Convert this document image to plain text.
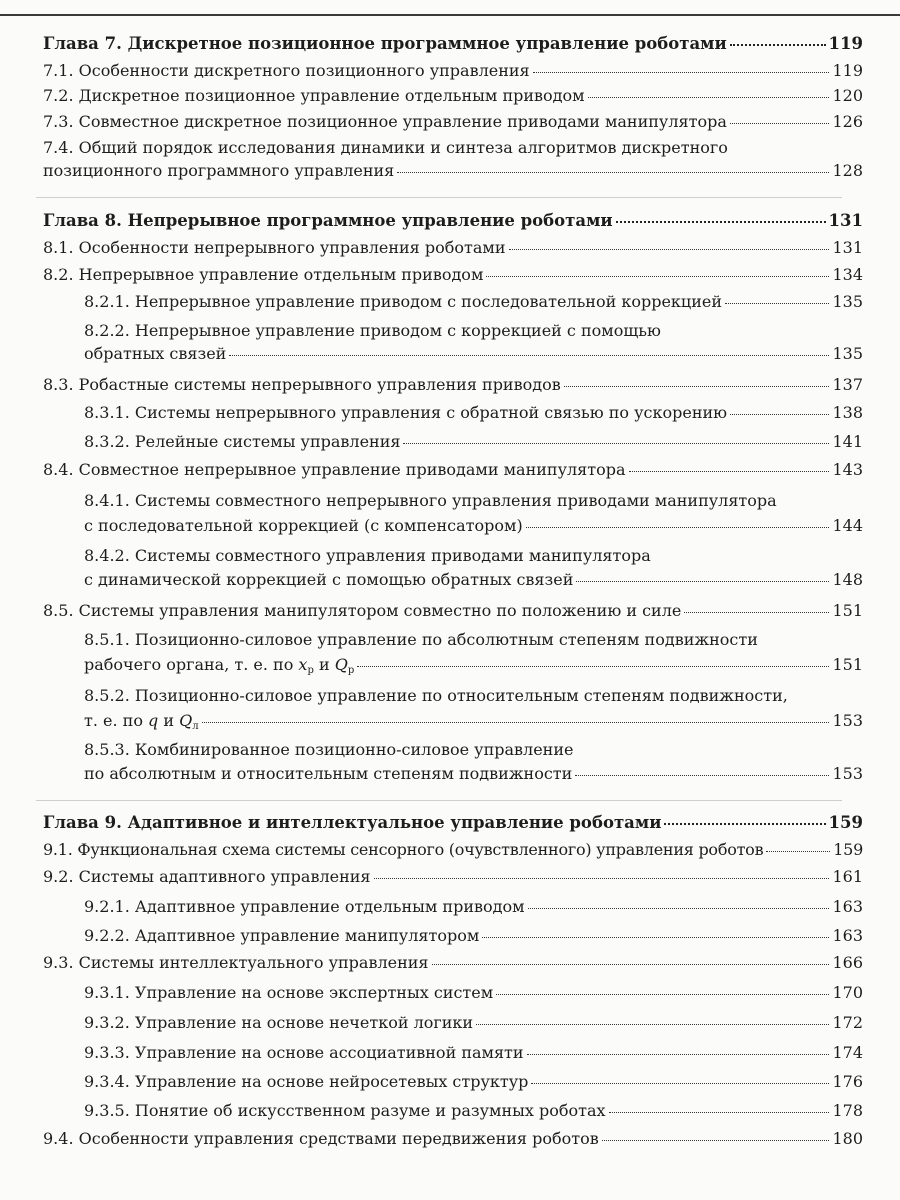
Глава 7. Дискретное позиционное программное управление роботами	119
7.1. Особенности дискретного позиционного управления	119
7.2. Дискретное позиционное управление отдельным приводом	120
7.3. Совместное дискретное позиционное управление приводами манипулятора	126
7.4. Общий порядок исследования динамики и синтеза алгоритмов дискретного
позиционного программного управления	128
Глава 8. Непрерывное программное управление роботами	131
8.1. Особенности непрерывного управления роботами	131
8.2. Непрерывное управление отдельным приводом	134
8.2.1. Непрерывное управление приводом с последовательной коррекцией	135
8.2.2. Непрерывное управление приводом с коррекцией с помощью
обратных связей	135
8.3. Робастные системы непрерывного управления приводов	137
8.3.1. Системы непрерывного управления с обратной связью по ускорению	138
8.3.2. Релейные системы управления	141
8.4. Совместное непрерывное управление приводами манипулятора	143
8.4.1. Системы совместного непрерывного управления приводами манипулятора
с последовательной коррекцией (с компенсатором)	144
8.4.2. Системы совместного управления приводами манипулятора
с динамической коррекцией с помощью обратных связей	148
8.5. Системы управления манипулятором совместно по положению и силе	151
8.5.1. Позиционно-силовое управление по абсолютным степеням подвижности
рабочего органа, т. е. по $x_р$ и $Q_р$	151
8.5.2. Позиционно-силовое управление по относительным степеням подвижности,
т. е. по q и $Q_л$	153
8.5.3. Комбинированное позиционно-силовое управление
по абсолютным и относительным степеням подвижности	153
Глава 9. Адаптивное и интеллектуальное управление роботами	159
9.1. Функциональная схема системы сенсорного (очувствленного) управления роботов	159
9.2. Системы адаптивного управления	161
9.2.1. Адаптивное управление отдельным приводом	163
9.2.2. Адаптивное управление манипулятором	163
9.3. Системы интеллектуального управления	166
9.3.1. Управление на основе экспертных систем	170
9.3.2. Управление на основе нечеткой логики	172
9.3.3. Управление на основе ассоциативной памяти	174
9.3.4. Управление на основе нейросетевых структур	176
9.3.5. Понятие об искусственном разуме и разумных роботах	178
9.4. Особенности управления средствами передвижения роботов	180
